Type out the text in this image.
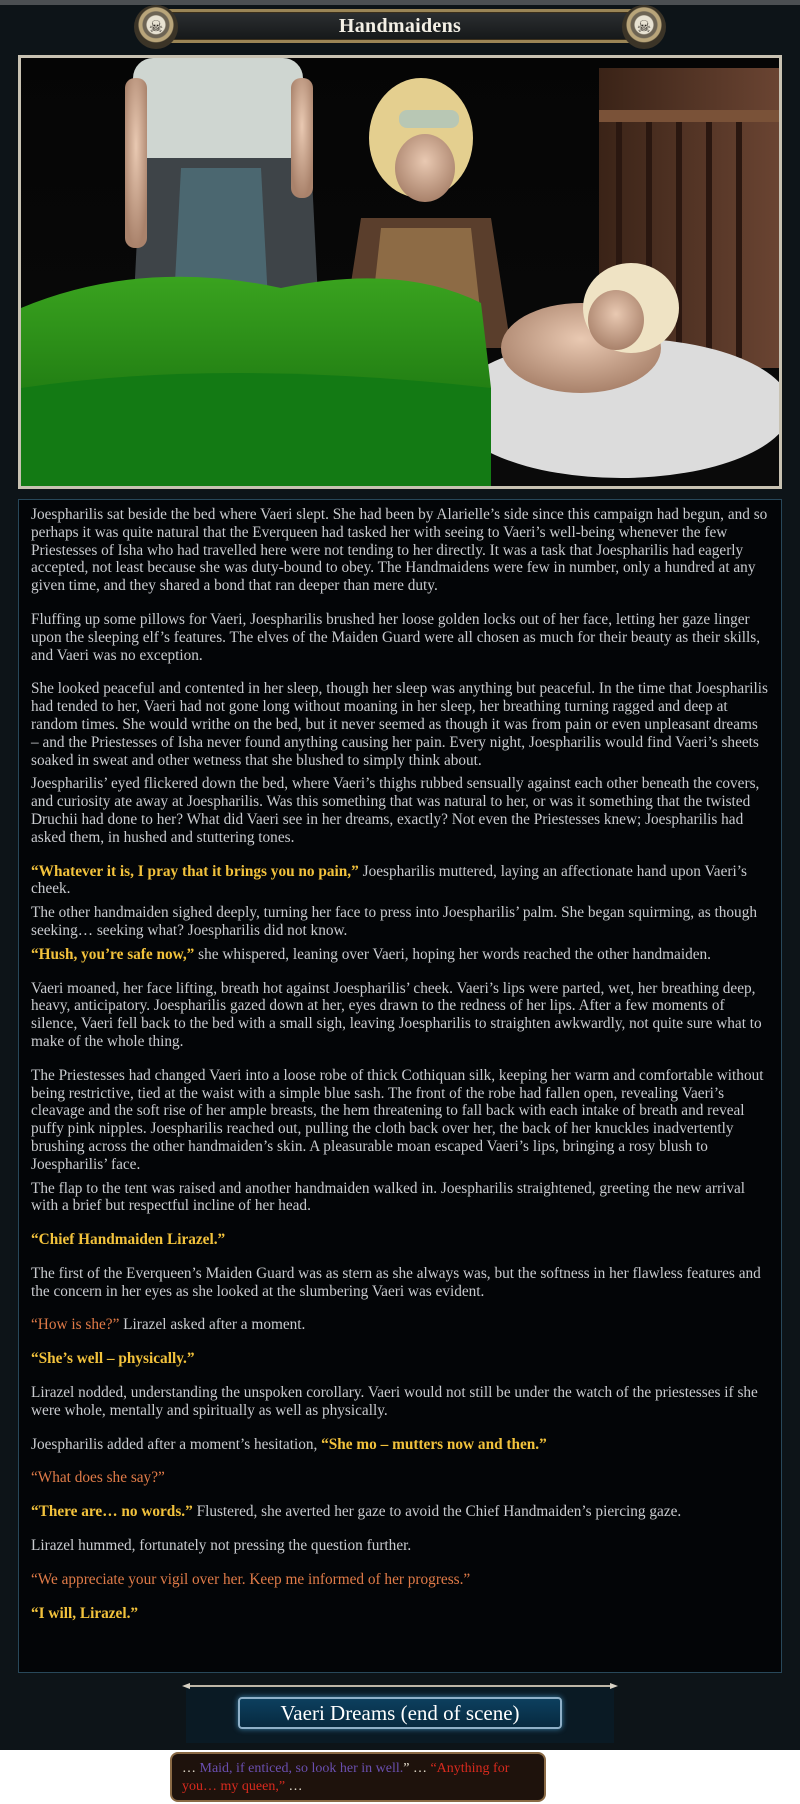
Handmaidens
☠	☠

Joespharilis sat beside the bed where Vaeri slept. She had been by Alarielle’s side since this campaign had begun, and so perhaps it was quite natural that the Everqueen had tasked her with seeing to Vaeri’s well-being whenever the few Priestesses of Isha who had travelled here were not tending to her directly. It was a task that Joespharilis had eagerly accepted, not least because she was duty-bound to obey. The Handmaidens were few in number, only a hundred at any given time, and they shared a bond that ran deeper than mere duty.

Fluffing up some pillows for Vaeri, Joespharilis brushed her loose golden locks out of her face, letting her gaze linger upon the sleeping elf’s features. The elves of the Maiden Guard were all chosen as much for their beauty as their skills, and Vaeri was no exception.

She looked peaceful and contented in her sleep, though her sleep was anything but peaceful. In the time that Joespharilis had tended to her, Vaeri had not gone long without moaning in her sleep, her breathing turning ragged and deep at random times. She would writhe on the bed, but it never seemed as though it was from pain or even unpleasant dreams – and the Priestesses of Isha never found anything causing her pain. Every night, Joespharilis would find Vaeri’s sheets soaked in sweat and other wetness that she blushed to simply think about.

Joespharilis’ eyed flickered down the bed, where Vaeri’s thighs rubbed sensually against each other beneath the covers, and curiosity ate away at Joespharilis. Was this something that was natural to her, or was it something that the twisted Druchii had done to her? What did Vaeri see in her dreams, exactly? Not even the Priestesses knew; Joespharilis had asked them, in hushed and stuttering tones.

“Whatever it is, I pray that it brings you no pain,” Joespharilis muttered, laying an affectionate hand upon Vaeri’s cheek.

The other handmaiden sighed deeply, turning her face to press into Joespharilis’ palm. She began squirming, as though seeking… seeking what? Joespharilis did not know.

“Hush, you’re safe now,” she whispered, leaning over Vaeri, hoping her words reached the other handmaiden.

Vaeri moaned, her face lifting, breath hot against Joespharilis’ cheek. Vaeri’s lips were parted, wet, her breathing deep, heavy, anticipatory. Joespharilis gazed down at her, eyes drawn to the redness of her lips. After a few moments of silence, Vaeri fell back to the bed with a small sigh, leaving Joespharilis to straighten awkwardly, not quite sure what to make of the whole thing.

The Priestesses had changed Vaeri into a loose robe of thick Cothiquan silk, keeping her warm and comfortable without being restrictive, tied at the waist with a simple blue sash. The front of the robe had fallen open, revealing Vaeri’s cleavage and the soft rise of her ample breasts, the hem threatening to fall back with each intake of breath and reveal puffy pink nipples. Joespharilis reached out, pulling the cloth back over her, the back of her knuckles inadvertently brushing across the other handmaiden’s skin. A pleasurable moan escaped Vaeri’s lips, bringing a rosy blush to Joespharilis’ face.

The flap to the tent was raised and another handmaiden walked in. Joespharilis straightened, greeting the new arrival with a brief but respectful incline of her head.

“Chief Handmaiden Lirazel.”

The first of the Everqueen’s Maiden Guard was as stern as she always was, but the softness in her flawless features and the concern in her eyes as she looked at the slumbering Vaeri was evident.

“How is she?” Lirazel asked after a moment.

“She’s well – physically.”

Lirazel nodded, understanding the unspoken corollary. Vaeri would not still be under the watch of the priestesses if she were whole, mentally and spiritually as well as physically.

Joespharilis added after a moment’s hesitation, “She mo – mutters now and then.”

“What does she say?”

“There are… no words.” Flustered, she averted her gaze to avoid the Chief Handmaiden’s piercing gaze.

Lirazel hummed, fortunately not pressing the question further.

“We appreciate your vigil over her. Keep me informed of her progress.”

“I will, Lirazel.”

Vaeri Dreams (end of scene)
… Maid, if enticed, so look her in well.” … “Anything for you… my queen,” …
